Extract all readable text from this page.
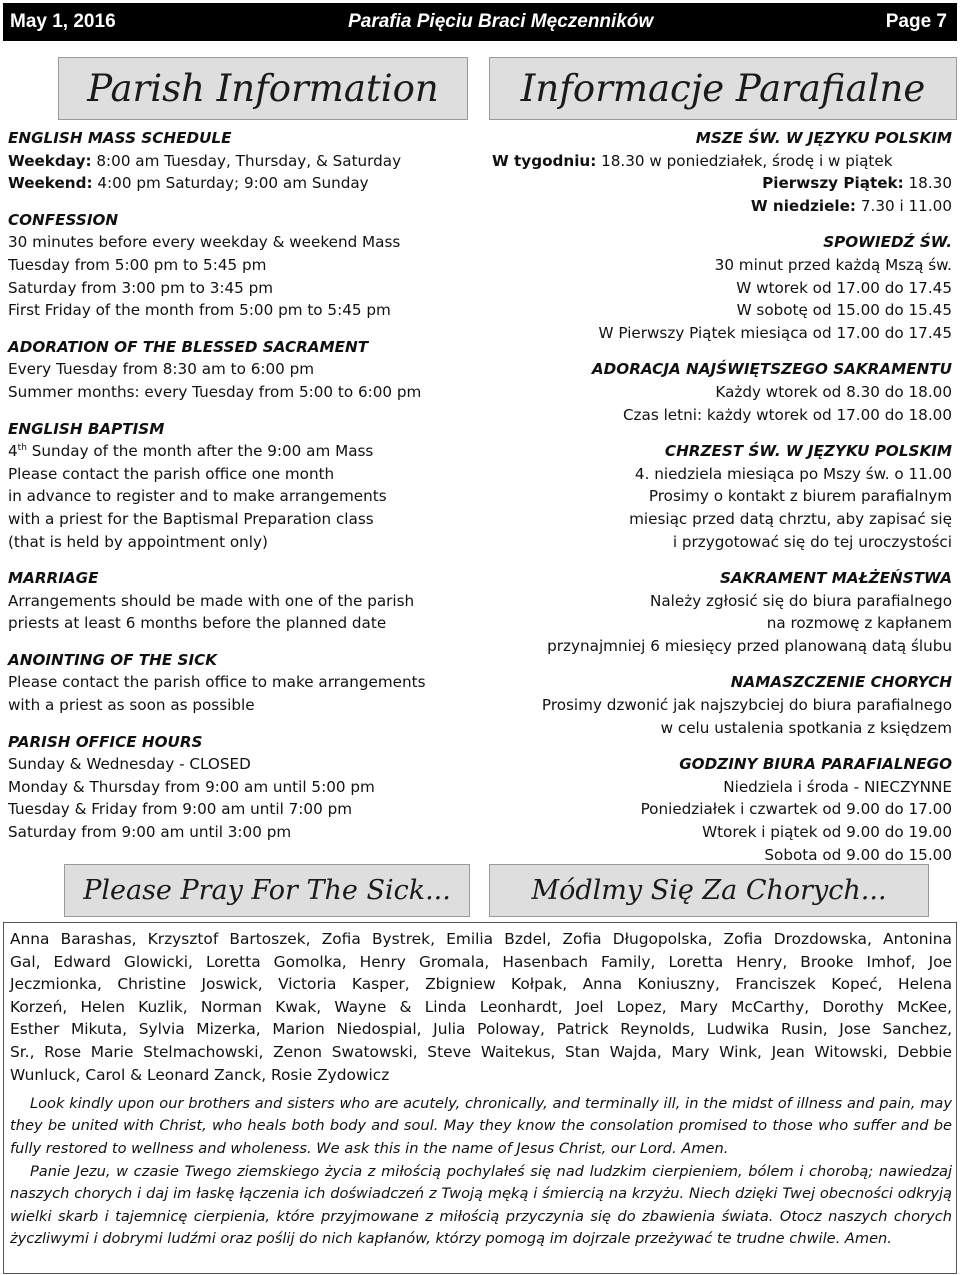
May 1, 2016	Parafia Pięciu Braci Męczenników	Page 7
Parish Information	Informacje Parafialne
ENGLISH MASS SCHEDULE
Weekday: 8:00 am Tuesday, Thursday, & Saturday
Weekend: 4:00 pm Saturday; 9:00 am Sunday
CONFESSION
30 minutes before every weekday & weekend Mass
Tuesday from 5:00 pm to 5:45 pm
Saturday from 3:00 pm to 3:45 pm
First Friday of the month from 5:00 pm to 5:45 pm
ADORATION OF THE BLESSED SACRAMENT
Every Tuesday from 8:30 am to 6:00 pm
Summer months: every Tuesday from 5:00 to 6:00 pm
ENGLISH BAPTISM
4th Sunday of the month after the 9:00 am Mass
Please contact the parish office one month
in advance to register and to make arrangements
with a priest for the Baptismal Preparation class
(that is held by appointment only)
MARRIAGE
Arrangements should be made with one of the parish
priests at least 6 months before the planned date
ANOINTING OF THE SICK
Please contact the parish office to make arrangements
with a priest as soon as possible
PARISH OFFICE HOURS
Sunday & Wednesday - CLOSED
Monday & Thursday from 9:00 am until 5:00 pm
Tuesday & Friday from 9:00 am until 7:00 pm
Saturday from 9:00 am until 3:00 pm
MSZE ŚW. W JĘZYKU POLSKIM
W tygodniu: 18.30 w poniedziałek, środę i w piątek
Pierwszy Piątek: 18.30
W niedziele: 7.30 i 11.00
SPOWIEDŹ ŚW.
30 minut przed każdą Mszą św.
W wtorek od 17.00 do 17.45
W sobotę od 15.00 do 15.45
W Pierwszy Piątek miesiąca od 17.00 do 17.45
ADORACJA NAJŚWIĘTSZEGO SAKRAMENTU
Każdy wtorek od 8.30 do 18.00
Czas letni: każdy wtorek od 17.00 do 18.00
CHRZEST ŚW. W JĘZYKU POLSKIM
4. niedziela miesiąca po Mszy św. o 11.00
Prosimy o kontakt z biurem parafialnym
miesiąc przed datą chrztu, aby zapisać się
i przygotować się do tej uroczystości
SAKRAMENT MAŁŻEŃSTWA
Należy zgłosić się do biura parafialnego
na rozmowę z kapłanem
przynajmniej 6 miesięcy przed planowaną datą ślubu
NAMASZCZENIE CHORYCH
Prosimy dzwonić jak najszybciej do biura parafialnego
w celu ustalenia spotkania z księdzem
GODZINY BIURA PARAFIALNEGO
Niedziela i środa - NIECZYNNE
Poniedziałek i czwartek od 9.00 do 17.00
Wtorek i piątek od 9.00 do 19.00
Sobota od 9.00 do 15.00
Please Pray For The Sick...	Módlmy Się Za Chorych...
Anna Barashas, Krzysztof Bartoszek, Zofia Bystrek, Emilia Bzdel, Zofia Długopolska, Zofia Drozdowska, Antonina
Gal, Edward Glowicki, Loretta Gomolka, Henry Gromala, Hasenbach Family, Loretta Henry, Brooke Imhof, Joe
Jeczmionka, Christine Joswick, Victoria Kasper, Zbigniew Kołpak, Anna Koniuszny, Franciszek Kopeć, Helena
Korzeń, Helen Kuzlik, Norman Kwak, Wayne & Linda Leonhardt, Joel Lopez, Mary McCarthy, Dorothy McKee,
Esther Mikuta, Sylvia Mizerka, Marion Niedospial, Julia Poloway, Patrick Reynolds, Ludwika Rusin, Jose Sanchez,
Sr., Rose Marie Stelmachowski, Zenon Swatowski, Steve Waitekus, Stan Wajda, Mary Wink, Jean Witowski, Debbie
Wunluck, Carol & Leonard Zanck, Rosie Zydowicz
Look kindly upon our brothers and sisters who are acutely, chronically, and terminally ill, in the midst of illness and pain, may they be united with Christ, who heals both body and soul. May they know the consolation promised to those who suffer and be fully restored to wellness and wholeness. We ask this in the name of Jesus Christ, our Lord. Amen.
Panie Jezu, w czasie Twego ziemskiego życia z miłością pochylałeś się nad ludzkim cierpieniem, bólem i chorobą; nawiedzaj naszych chorych i daj im łaskę łączenia ich doświadczeń z Twoją męką i śmiercią na krzyżu. Niech dzięki Twej obecności odkryją wielki skarb i tajemnicę cierpienia, które przyjmowane z miłością przyczynia się do zbawienia świata. Otocz naszych chorych życzliwymi i dobrymi ludźmi oraz poślij do nich kapłanów, którzy pomogą im dojrzale przeżywać te trudne chwile. Amen.
